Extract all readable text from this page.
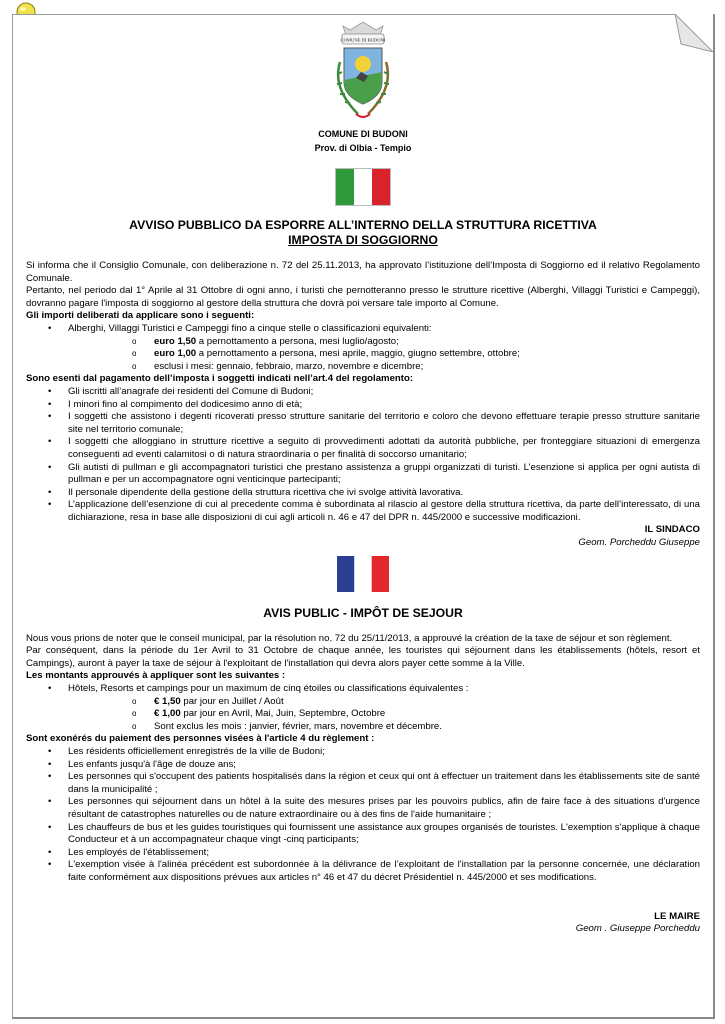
COMUNE DI BUDONI
COMUNE DI BUDONI
Prov. di Olbia - Tempio
AVVISO PUBBLICO DA ESPORRE ALL’INTERNO DELLA STRUTTURA RICETTIVA
IMPOSTA DI SOGGIORNO

Si informa che il Consiglio Comunale, con deliberazione n. 72 del 25.11.2013, ha approvato l’istituzione dell’Imposta di Soggiorno ed il relativo Regolamento Comunale.

Pertanto, nel periodo dal 1° Aprile al 31 Ottobre di ogni anno, i turisti che pernotteranno presso le strutture ricettive (Alberghi, Villaggi Turistici e Campeggi), dovranno pagare l'imposta di soggiorno al gestore della struttura che dovrà poi versare tale importo al Comune.

Gli importi deliberati da applicare sono i seguenti:

• Alberghi, Villaggi Turistici e Campeggi fino a cinque stelle o classificazioni equivalenti:
o euro 1,50 a pernottamento a persona, mesi luglio/agosto;
o euro 1,00 a pernottamento a persona, mesi aprile, maggio, giugno settembre, ottobre;
o esclusi i mesi: gennaio, febbraio, marzo, novembre e dicembre;

Sono esenti dal pagamento dell’imposta i soggetti indicati nell’art.4 del regolamento:

• Gli iscritti all’anagrafe dei residenti del Comune di Budoni;
• I minori fino al compimento del dodicesimo anno di età;
• I soggetti che assistono i degenti ricoverati presso strutture sanitarie del territorio e coloro che devono effettuare terapie presso strutture sanitarie site nel territorio comunale;
• I soggetti che alloggiano in strutture ricettive a seguito di provvedimenti adottati da autorità pubbliche, per fronteggiare situazioni di emergenza conseguenti ad eventi calamitosi o di natura straordinaria o per finalità di soccorso umanitario;
• Gli autisti di pullman e gli accompagnatori turistici che prestano assistenza a gruppi organizzati di turisti. L’esenzione si applica per ogni autista di pullman e per un accompagnatore ogni venticinque partecipanti;
• Il personale dipendente della gestione della struttura ricettiva che ivi svolge attività lavorativa.
• L’applicazione dell’esenzione di cui al precedente comma è subordinata al rilascio al gestore della struttura ricettiva, da parte dell’interessato, di una dichiarazione, resa in base alle disposizioni di cui agli articoli n. 46 e 47 del DPR n. 445/2000 e successive modificazioni.
IL SINDACO
Geom. Porcheddu Giuseppe
AVIS PUBLIC - IMPÔT DE SEJOUR

Nous vous prions de noter que le conseil municipal, par la résolution no. 72 du 25/11/2013, a approuvé la création de la taxe de séjour et son règlement.

Par conséquent, dans la période du 1er Avril to 31 Octobre de chaque année, les touristes qui séjournent dans les établissements (hôtels, resort et Campings), auront à payer la taxe de séjour à l'exploitant de l'installation qui devra alors payer cette somme à la Ville.

Les montants approuvés à appliquer sont les suivantes :

• Hôtels, Resorts et campings pour un maximum de cinq étoiles ou classifications équivalentes :
o € 1,50 par jour en Juillet / Août
o € 1,00 par jour en Avril, Mai, Juin, Septembre, Octobre
o Sont exclus les mois : janvier, février, mars, novembre et décembre.

Sont exonérés du paiement des personnes visées à l'article 4 du règlement :

• Les résidents officiellement enregistrés de la ville de Budoni;
• Les enfants jusqu'à l'âge de douze ans;
• Les personnes qui s'occupent des patients hospitalisés dans la région et ceux qui ont à effectuer un traitement dans les établissements site de santé dans la municipalité ;
• Les personnes qui séjournent dans un hôtel à la suite des mesures prises par les pouvoirs publics, afin de faire face à des situations d'urgence résultant de catastrophes naturelles ou de nature extraordinaire ou à des fins de l'aide humanitaire ;
• Les chauffeurs de bus et les guides touristiques qui fournissent une assistance aux groupes organisés de touristes. L'exemption s'applique à chaque Conducteur et à un accompagnateur chaque vingt -cinq participants;
• Les employés de l'établissement;
• L'exemption visée à l'alinéa précédent est subordonnée à la délivrance de l’exploitant de l'installation par la personne concernée, une déclaration faite conformément aux dispositions prévues aux articles n° 46 et 47 du décret Présidentiel n. 445/2000 et ses modifications.
LE MAIRE
Geom . Giuseppe Porcheddu
